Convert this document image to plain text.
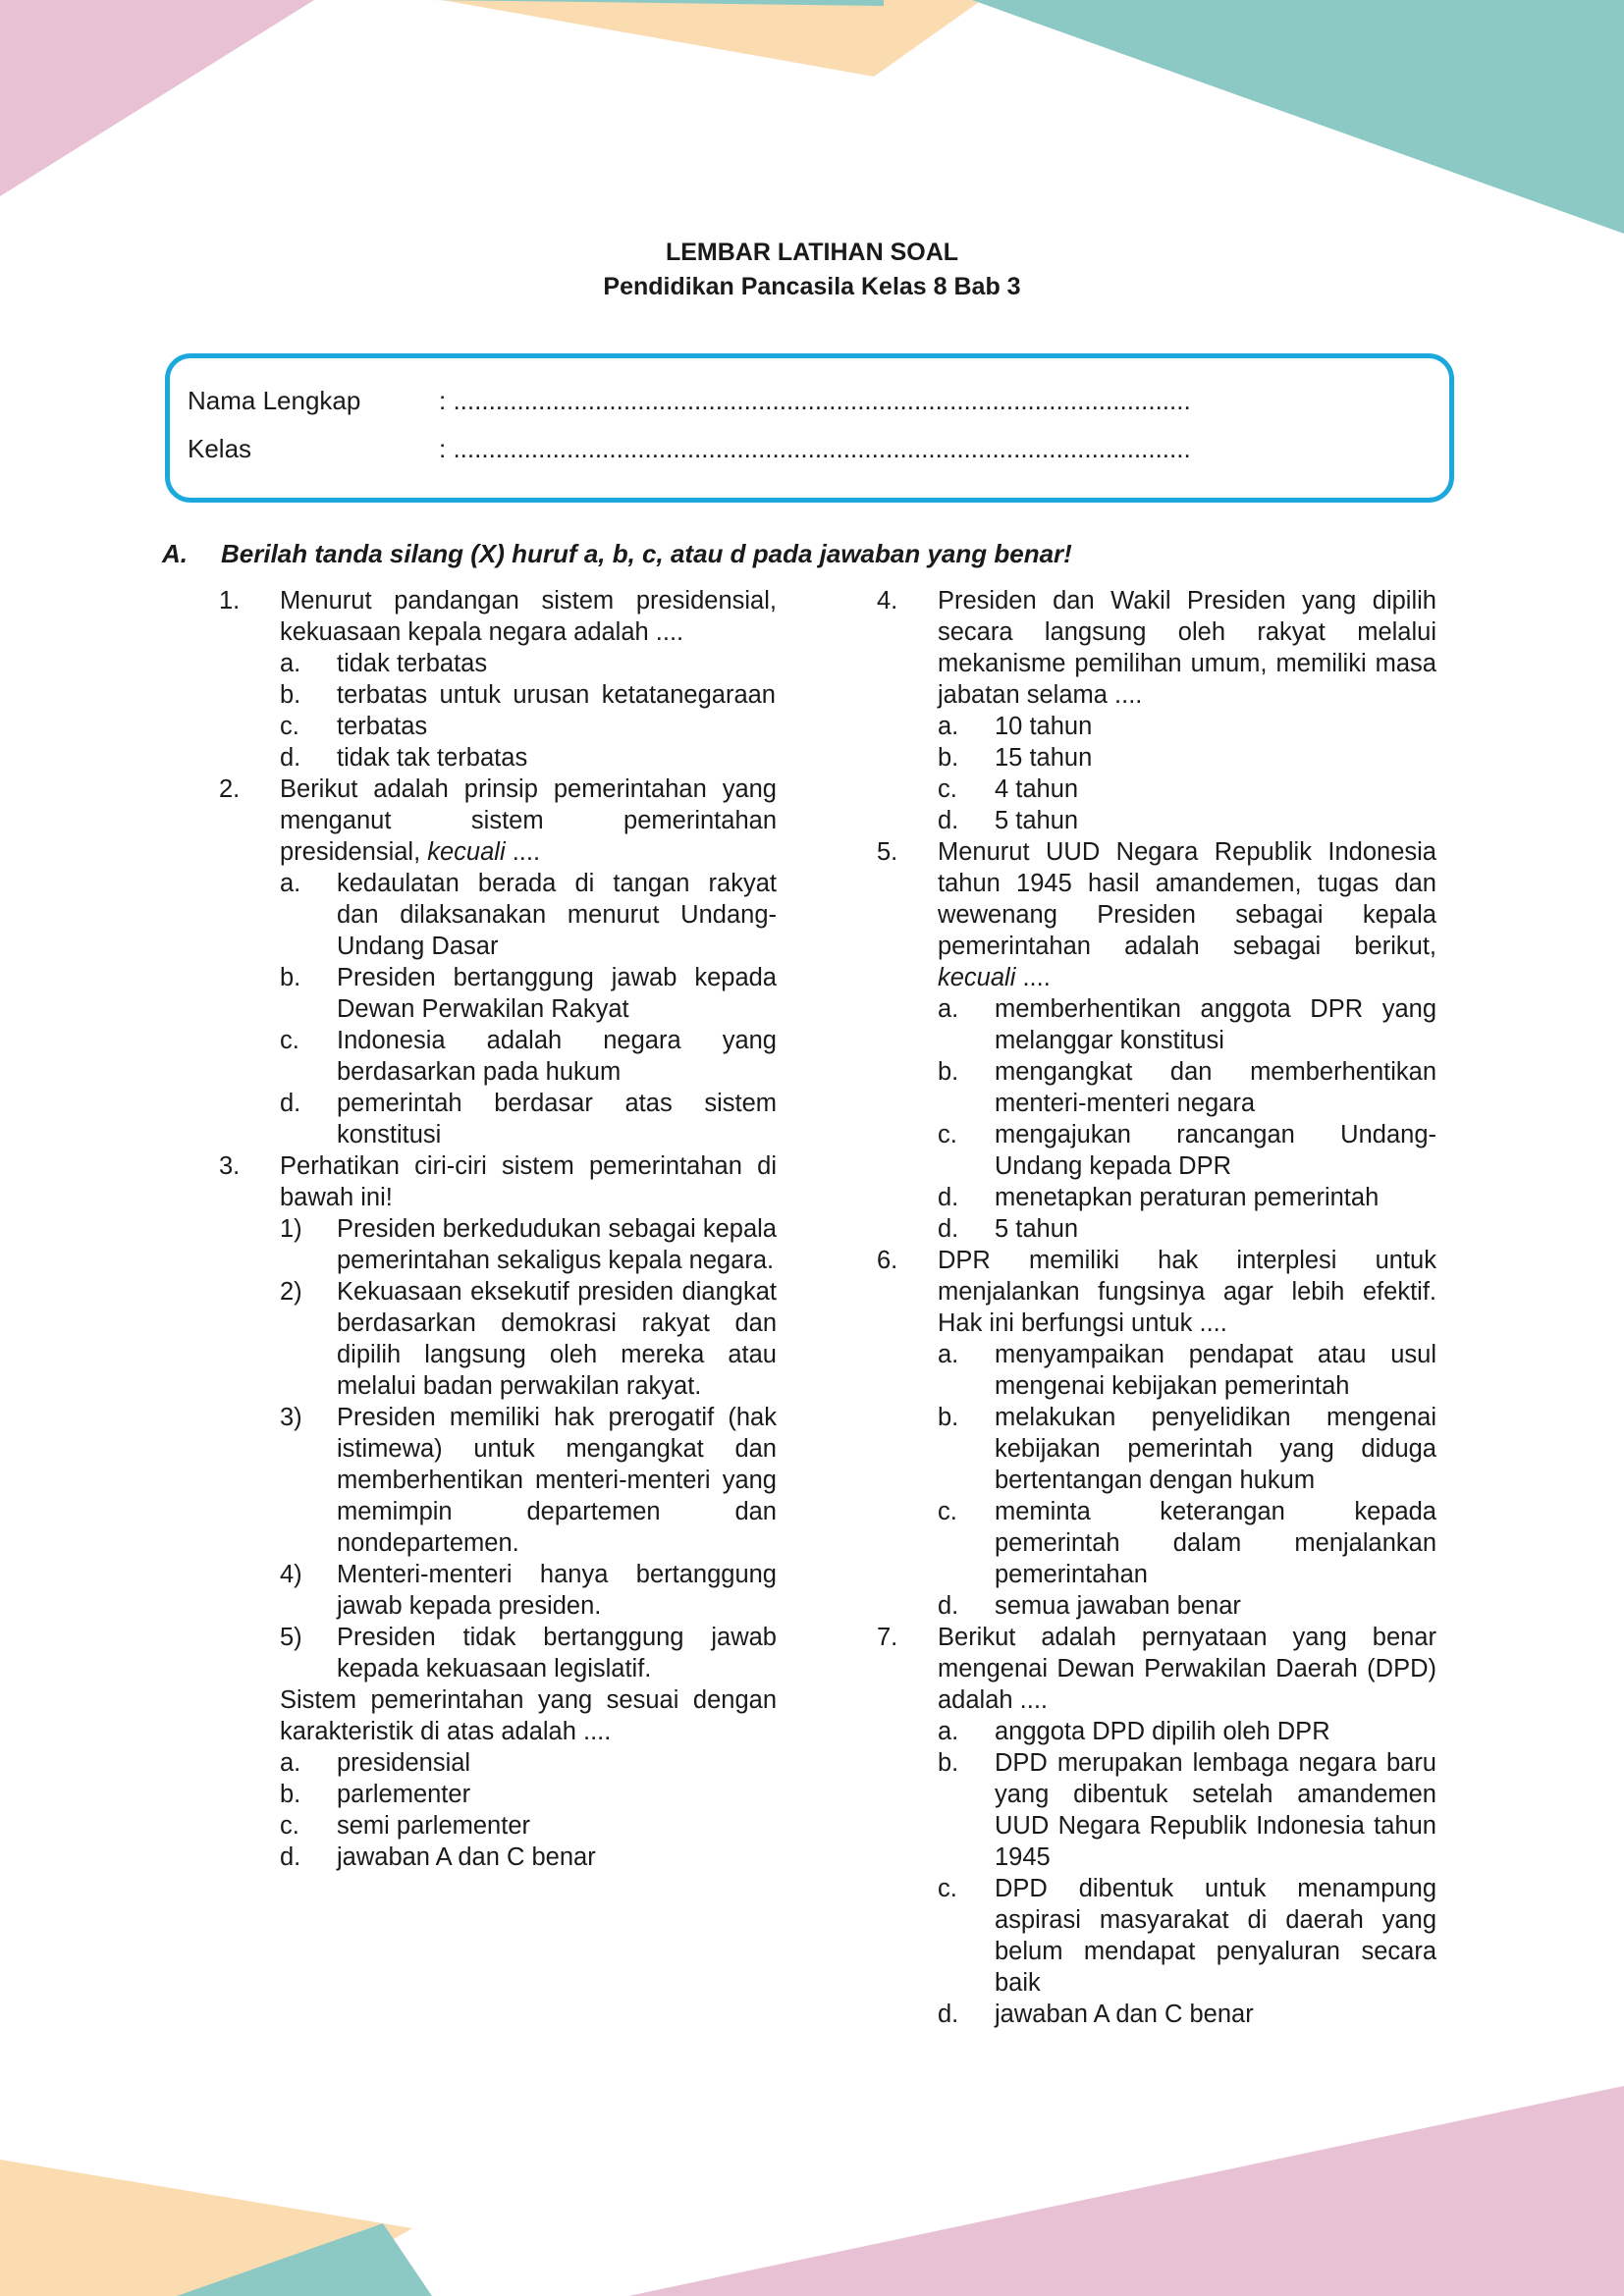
LEMBAR LATIHAN SOAL
Pendidikan Pancasila Kelas 8 Bab 3
Nama Lengkap	: ........................................................................................................
Kelas	: ........................................................................................................
A. Berilah tanda silang (X) huruf a, b, c, atau d pada jawaban yang benar!
1. Menurut pandangan sistem presidensial, kekuasaan kepala negara adalah ....
a. tidak terbatas
b. terbatas untuk urusan ketatanegaraan
c. terbatas
d. tidak tak terbatas
2. Berikut adalah prinsip pemerintahan yang menganut sistem pemerintahan presidensial, kecuali ....
a. kedaulatan berada di tangan rakyat dan dilaksanakan menurut Undang-Undang Dasar
b. Presiden bertanggung jawab kepada Dewan Perwakilan Rakyat
c. Indonesia adalah negara yang berdasarkan pada hukum
d. pemerintah berdasar atas sistem konstitusi
3. Perhatikan ciri-ciri sistem pemerintahan di bawah ini!
1) Presiden berkedudukan sebagai kepala pemerintahan sekaligus kepala negara.
2) Kekuasaan eksekutif presiden diangkat berdasarkan demokrasi rakyat dan dipilih langsung oleh mereka atau melalui badan perwakilan rakyat.
3) Presiden memiliki hak prerogatif (hak istimewa) untuk mengangkat dan memberhentikan menteri-menteri yang memimpin departemen dan nondepartemen.
4) Menteri-menteri hanya bertanggung jawab kepada presiden.
5) Presiden tidak bertanggung jawab kepada kekuasaan legislatif.
Sistem pemerintahan yang sesuai dengan karakteristik di atas adalah ....
a. presidensial
b. parlementer
c. semi parlementer
d. jawaban A dan C benar
4. Presiden dan Wakil Presiden yang dipilih secara langsung oleh rakyat melalui mekanisme pemilihan umum, memiliki masa jabatan selama ....
a. 10 tahun
b. 15 tahun
c. 4 tahun
d. 5 tahun
5. Menurut UUD Negara Republik Indonesia tahun 1945 hasil amandemen, tugas dan wewenang Presiden sebagai kepala pemerintahan adalah sebagai berikut, kecuali ....
a. memberhentikan anggota DPR yang melanggar konstitusi
b. mengangkat dan memberhentikan menteri-menteri negara
c. mengajukan rancangan Undang-Undang kepada DPR
d. menetapkan peraturan pemerintah
d. 5 tahun
6. DPR memiliki hak interplesi untuk menjalankan fungsinya agar lebih efektif. Hak ini berfungsi untuk ....
a. menyampaikan pendapat atau usul mengenai kebijakan pemerintah
b. melakukan penyelidikan mengenai kebijakan pemerintah yang diduga bertentangan dengan hukum
c. meminta keterangan kepada pemerintah dalam menjalankan pemerintahan
d. semua jawaban benar
7. Berikut adalah pernyataan yang benar mengenai Dewan Perwakilan Daerah (DPD) adalah ....
a. anggota DPD dipilih oleh DPR
b. DPD merupakan lembaga negara baru yang dibentuk setelah amandemen UUD Negara Republik Indonesia tahun 1945
c. DPD dibentuk untuk menampung aspirasi masyarakat di daerah yang belum mendapat penyaluran secara baik
d. jawaban A dan C benar
